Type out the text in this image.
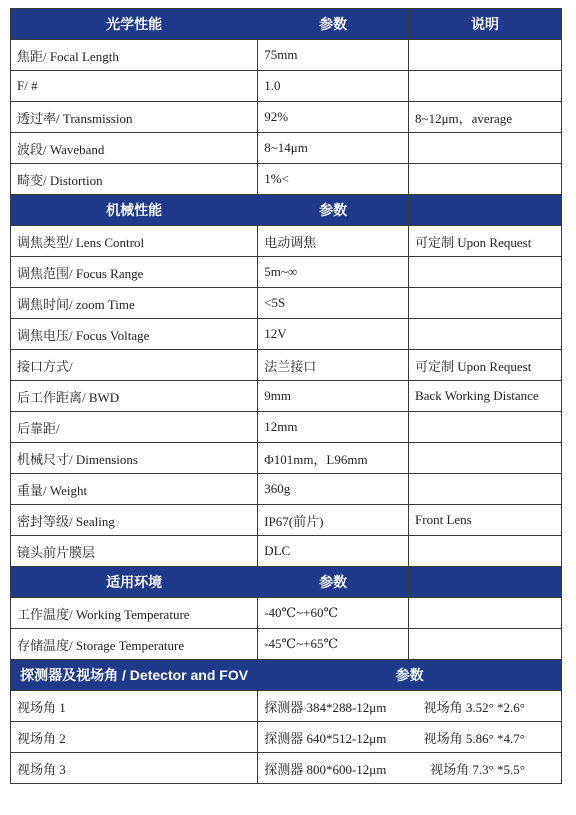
光学性能	参数	说明
焦距/ Focal Length	75mm	
F/ #	1.0	
透过率/ Transmission	92%	8~12μm，average
波段/ Waveband	8~14μm	
畸变/ Distortion	1%<	
机械性能	参数	
调焦类型/ Lens Control	电动调焦	可定制 Upon Request
调焦范围/ Focus Range	5m~∞	
调焦时间/ zoom Time	<5S	
调焦电压/ Focus Voltage	12V	
接口方式/	法兰接口	可定制 Upon Request
后工作距离/ BWD	9mm	Back Working Distance
后靠距/	12mm	
机械尺寸/ Dimensions	Φ101mm，L96mm	
重量/ Weight	360g	
密封等级/ Sealing	IP67(前片)	Front Lens
镜头前片膜层	DLC	
适用环境	参数	
工作温度/ Working Temperature	-40℃~+60℃	
存储温度/ Storage Temperature	-45℃~+65℃	
探测器及视场角 / Detector and FOV	参数	
视场角 1	探测器 384*288-12μm 视场角 3.52° *2.6°	

视场角 2	探测器 640*512-12μm 视场角 5.86° *4.7°	

视场角 3	探测器 800*600-12μm 视场角 7.3° *5.5°	
